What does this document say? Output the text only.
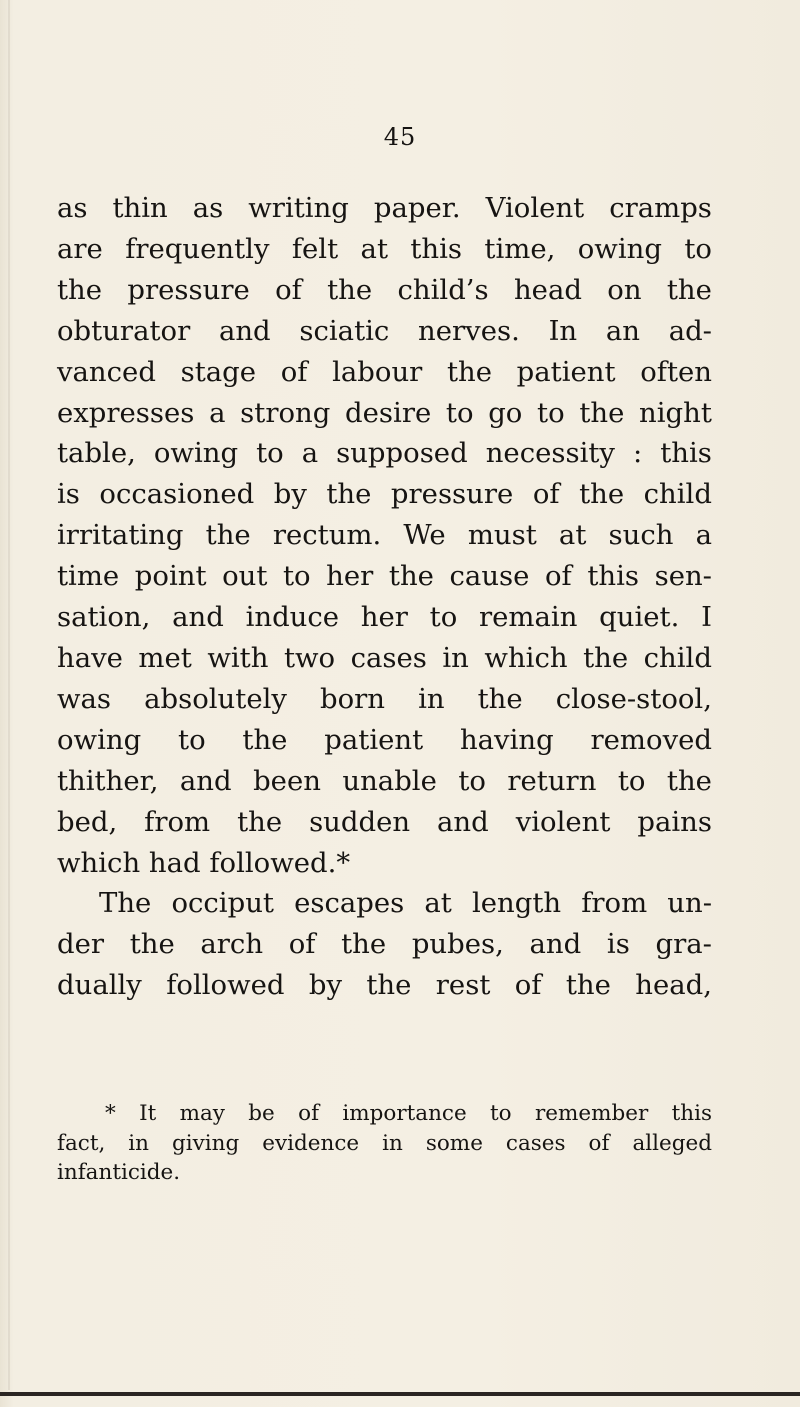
45
as thin as writing paper. Violent cramps
are frequently felt at this time, owing to
the pressure of the child’s head on the
obturator and sciatic nerves. In an ad-
vanced stage of labour the patient often
expresses a strong desire to go to the night
table, owing to a supposed necessity : this
is occasioned by the pressure of the child
irritating the rectum. We must at such a
time point out to her the cause of this sen-
sation, and induce her to remain quiet. I
have met with two cases in which the child
was absolutely born in the close-stool,
owing to the patient having removed
thither, and been unable to return to the
bed, from the sudden and violent pains
which had followed.*
The occiput escapes at length from un-
der the arch of the pubes, and is gra-
dually followed by the rest of the head,
* It may be of importance to remember this
fact, in giving evidence in some cases of alleged
infanticide.
